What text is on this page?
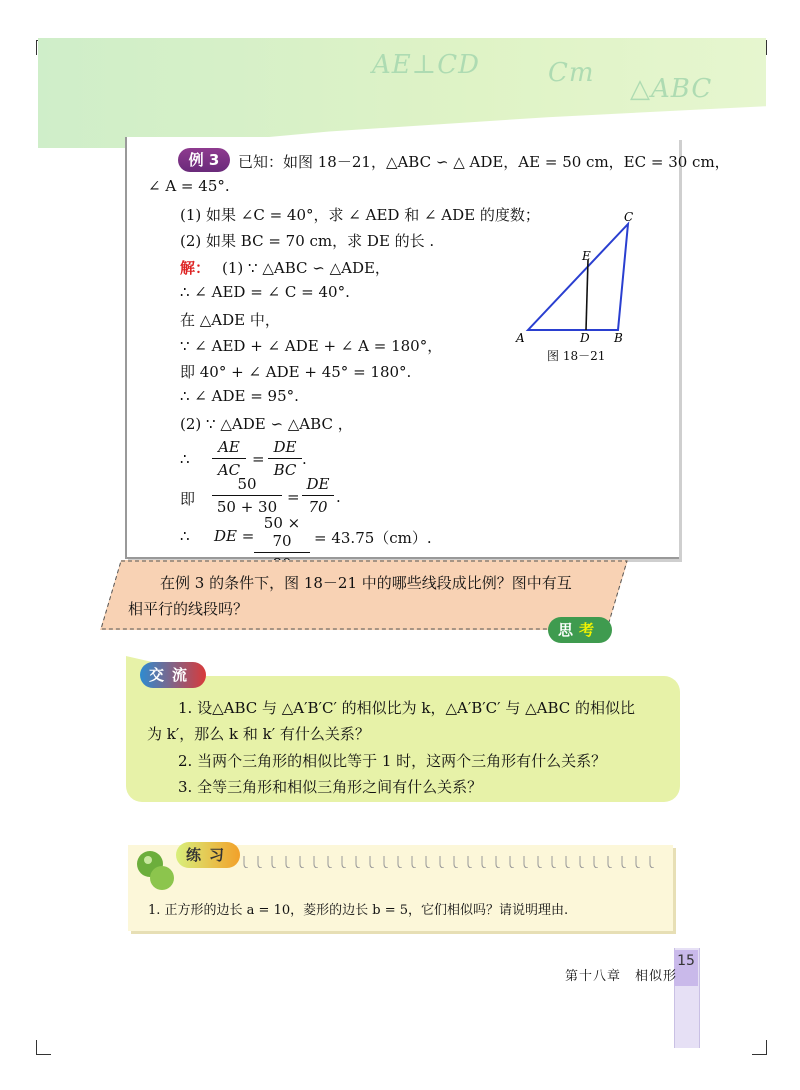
AE⊥CD	Cm
△ABC
例 3	已知：如图 18－21，△ABC ∽ △ ADE，AE = 50 cm，EC = 30 cm，
∠ A = 45°.
(1) 如果 ∠C = 40°，求 ∠ AED 和 ∠ ADE 的度数；
(2) 如果 BC = 70 cm，求 DE 的长 .
解： (1) ∵ △ABC ∽ △ADE，
∴ ∠ AED = ∠ C = 40°.
在 △ADE 中，
∵ ∠ AED + ∠ ADE + ∠ A = 180°，
即 40° + ∠ ADE + 45° = 180°.
∴ ∠ ADE = 95°.
(2) ∵ △ADE ∽ △ABC ，
∴
AE
AC
=
DE
BC
.
即
50
50 + 30
=
DE
70
.
∴ DE =
50 × 70	= 43.75（cm）.
A	B
C
D
E
图 18－21
在例 3 的条件下，图 18－21 中的哪些线段成比例？图中有互
相平行的线段吗？
思 考
交 流
1. 设△ABC 与 △A′B′C′ 的相似比为 k，△A′B′C′ 与 △ABC 的相似比
为 k′，那么 k 和 k′ 有什么关系？
2. 当两个三角形的相似比等于 1 时，这两个三角形有什么关系？
3. 全等三角形和相似三角形之间有什么关系？
练 习
1. 正方形的边长 a = 10，菱形的边长 b = 5，它们相似吗？请说明理由.
15
第十八章　相似形
